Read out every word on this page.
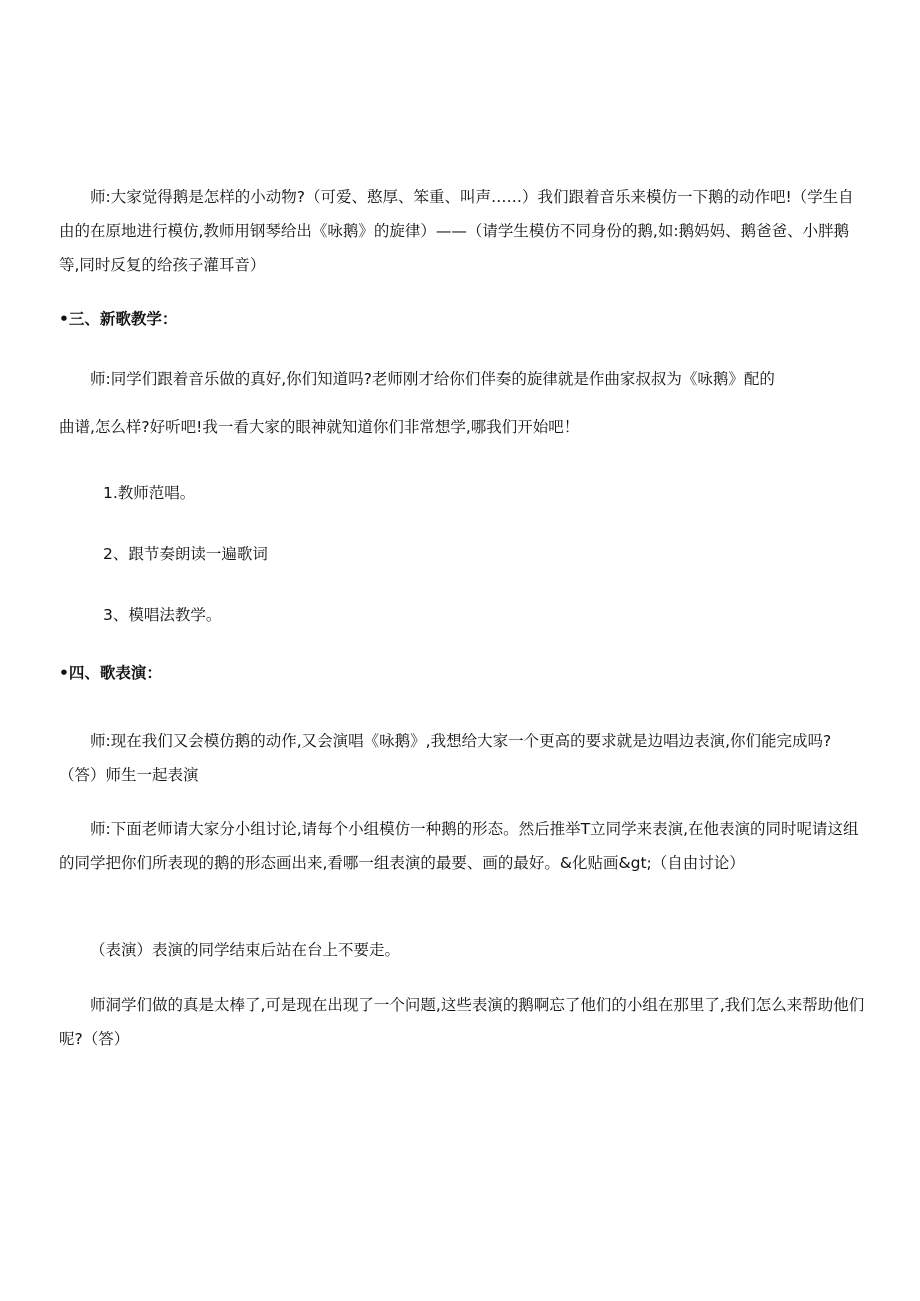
师:大家觉得鹅是怎样的小动物?（可爱、憨厚、笨重、叫声……）我们跟着音乐来模仿一下鹅的动作吧!（学生自由的在原地进行模仿,教师用钢琴给出《咏鹅》的旋律）——（请学生模仿不同身份的鹅,如:鹅妈妈、鹅爸爸、小胖鹅等,同时反复的给孩子灌耳音）
•三、新歌教学：
师:同学们跟着音乐做的真好,你们知道吗?老师刚才给你们伴奏的旋律就是作曲家叔叔为《咏鹅》配的
曲谱,怎么样?好听吧!我一看大家的眼神就知道你们非常想学,哪我们开始吧！
1.教师范唱。
2、跟节奏朗读一遍歌词
3、模唱法教学。
•四、歌表演：
师:现在我们又会模仿鹅的动作,又会演唱《咏鹅》,我想给大家一个更高的要求就是边唱边表演,你们能完成吗?（答）师生一起表演
师:下面老师请大家分小组讨论,请每个小组模仿一种鹅的形态。然后推举T立同学来表演,在他表演的同时呢请这组的同学把你们所表现的鹅的形态画出来,看哪一组表演的最要、画的最好。&化贴画&gt;（自由讨论）
（表演）表演的同学结束后站在台上不要走。
师洞学们做的真是太棒了,可是现在出现了一个问题,这些表演的鹅啊忘了他们的小组在那里了,我们怎么来帮助他们呢?（答）
